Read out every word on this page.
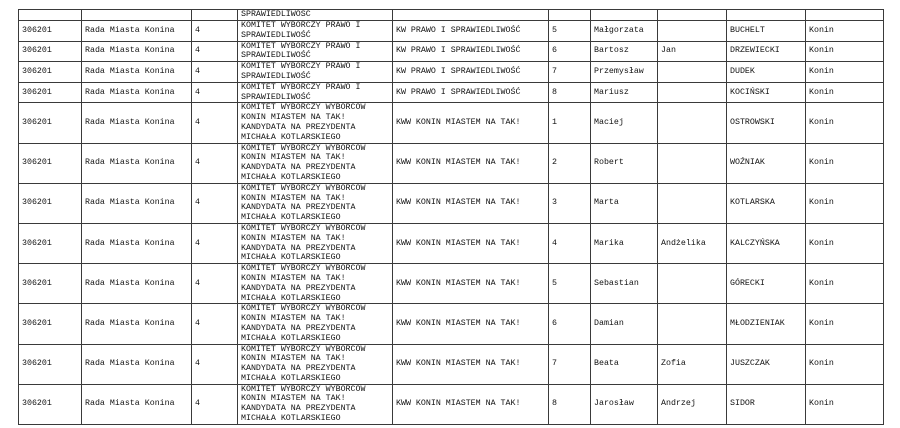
			SPRAWIEDLIWOŚĆ						
306201	Rada Miasta Konina	4	KOMITET WYBORCZY PRAWO I
SPRAWIEDLIWOŚĆ	KW PRAWO I SPRAWIEDLIWOŚĆ	5	Małgorzata		BUCHELT	Konin
306201	Rada Miasta Konina	4	KOMITET WYBORCZY PRAWO I
SPRAWIEDLIWOŚĆ	KW PRAWO I SPRAWIEDLIWOŚĆ	6	Bartosz	Jan	DRZEWIECKI	Konin
306201	Rada Miasta Konina	4	KOMITET WYBORCZY PRAWO I
SPRAWIEDLIWOŚĆ	KW PRAWO I SPRAWIEDLIWOŚĆ	7	Przemysław		DUDEK	Konin
306201	Rada Miasta Konina	4	KOMITET WYBORCZY PRAWO I
SPRAWIEDLIWOŚĆ	KW PRAWO I SPRAWIEDLIWOŚĆ	8	Mariusz		KOCIŃSKI	Konin
306201	Rada Miasta Konina	4	KOMITET WYBORCZY WYBORCÓW
KONIN MIASTEM NA TAK!
KANDYDATA NA PREZYDENTA
MICHAŁA KOTLARSKIEGO	KWW KONIN MIASTEM NA TAK!	1	Maciej		OSTROWSKI	Konin
306201	Rada Miasta Konina	4	KOMITET WYBORCZY WYBORCÓW
KONIN MIASTEM NA TAK!
KANDYDATA NA PREZYDENTA
MICHAŁA KOTLARSKIEGO	KWW KONIN MIASTEM NA TAK!	2	Robert		WOŹNIAK	Konin
306201	Rada Miasta Konina	4	KOMITET WYBORCZY WYBORCÓW
KONIN MIASTEM NA TAK!
KANDYDATA NA PREZYDENTA
MICHAŁA KOTLARSKIEGO	KWW KONIN MIASTEM NA TAK!	3	Marta		KOTLARSKA	Konin
306201	Rada Miasta Konina	4	KOMITET WYBORCZY WYBORCÓW
KONIN MIASTEM NA TAK!
KANDYDATA NA PREZYDENTA
MICHAŁA KOTLARSKIEGO	KWW KONIN MIASTEM NA TAK!	4	Marika	Andżelika	KALCZYŃSKA	Konin
306201	Rada Miasta Konina	4	KOMITET WYBORCZY WYBORCÓW
KONIN MIASTEM NA TAK!
KANDYDATA NA PREZYDENTA
MICHAŁA KOTLARSKIEGO	KWW KONIN MIASTEM NA TAK!	5	Sebastian		GÓRECKI	Konin
306201	Rada Miasta Konina	4	KOMITET WYBORCZY WYBORCÓW
KONIN MIASTEM NA TAK!
KANDYDATA NA PREZYDENTA
MICHAŁA KOTLARSKIEGO	KWW KONIN MIASTEM NA TAK!	6	Damian		MŁODZIENIAK	Konin
306201	Rada Miasta Konina	4	KOMITET WYBORCZY WYBORCÓW
KONIN MIASTEM NA TAK!
KANDYDATA NA PREZYDENTA
MICHAŁA KOTLARSKIEGO	KWW KONIN MIASTEM NA TAK!	7	Beata	Zofia	JUSZCZAK	Konin
306201	Rada Miasta Konina	4	KOMITET WYBORCZY WYBORCÓW
KONIN MIASTEM NA TAK!
KANDYDATA NA PREZYDENTA
MICHAŁA KOTLARSKIEGO	KWW KONIN MIASTEM NA TAK!	8	Jarosław	Andrzej	SIDOR	Konin
